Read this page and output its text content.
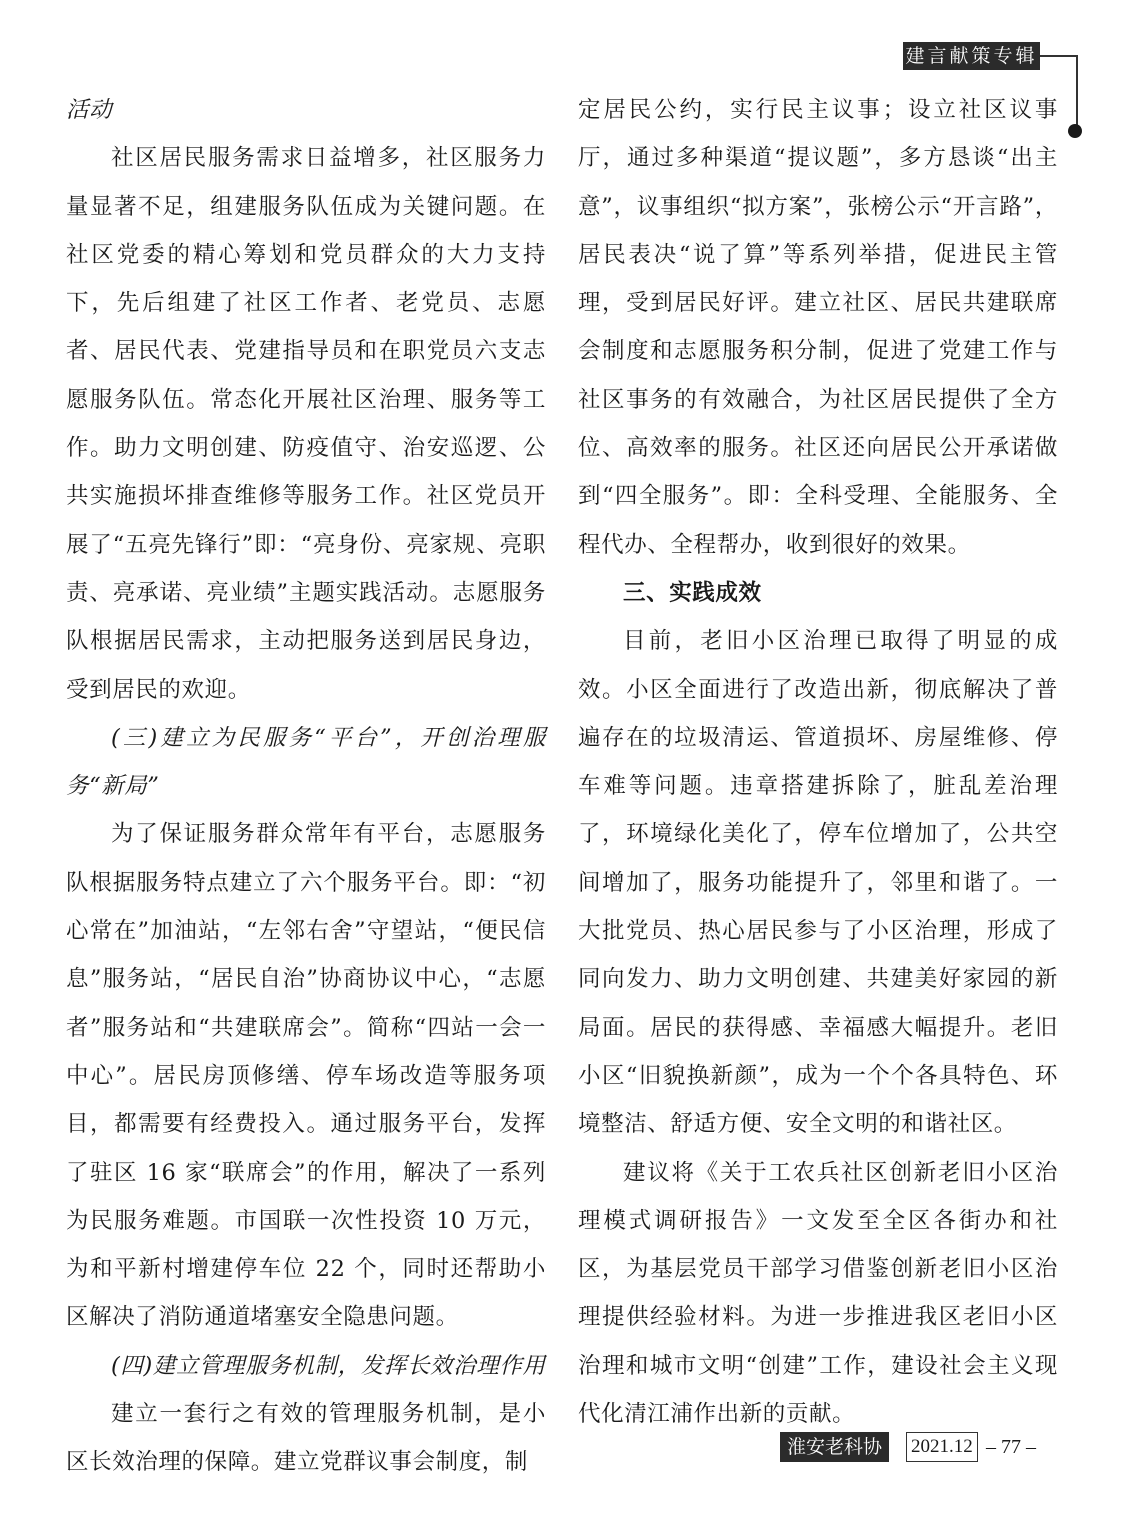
建言献策专辑

活动

社区居民服务需求日益增多，社区服务力量显著不足，组建服务队伍成为关键问题。在社区党委的精心筹划和党员群众的大力支持下，先后组建了社区工作者、老党员、志愿者、居民代表、党建指导员和在职党员六支志愿服务队伍。常态化开展社区治理、服务等工作。助力文明创建、防疫值守、治安巡逻、公共实施损坏排查维修等服务工作。社区党员开展了“五亮先锋行”即：“亮身份、亮家规、亮职责、亮承诺、亮业绩”主题实践活动。志愿服务队根据居民需求，主动把服务送到居民身边，受到居民的欢迎。

(三)建立为民服务“平台”，开创治理服务“新局”

为了保证服务群众常年有平台，志愿服务队根据服务特点建立了六个服务平台。即：“初心常在”加油站，“左邻右舍”守望站，“便民信息”服务站，“居民自治”协商协议中心，“志愿者”服务站和“共建联席会”。简称“四站一会一中心”。居民房顶修缮、停车场改造等服务项目，都需要有经费投入。通过服务平台，发挥了驻区 16 家“联席会”的作用，解决了一系列为民服务难题。市国联一次性投资 10 万元，为和平新村增建停车位 22 个，同时还帮助小区解决了消防通道堵塞安全隐患问题。

(四)建立管理服务机制，发挥长效治理作用

建立一套行之有效的管理服务机制，是小区长效治理的保障。建立党群议事会制度，制

定居民公约，实行民主议事；设立社区议事厅，通过多种渠道“提议题”，多方恳谈“出主意”，议事组织“拟方案”，张榜公示“开言路”，居民表决“说了算”等系列举措，促进民主管理，受到居民好评。建立社区、居民共建联席会制度和志愿服务积分制，促进了党建工作与社区事务的有效融合，为社区居民提供了全方位、高效率的服务。社区还向居民公开承诺做到“四全服务”。即：全科受理、全能服务、全程代办、全程帮办，收到很好的效果。

三、实践成效

目前，老旧小区治理已取得了明显的成效。小区全面进行了改造出新，彻底解决了普遍存在的垃圾清运、管道损坏、房屋维修、停车难等问题。违章搭建拆除了，脏乱差治理了，环境绿化美化了，停车位增加了，公共空间增加了，服务功能提升了，邻里和谐了。一大批党员、热心居民参与了小区治理，形成了同向发力、助力文明创建、共建美好家园的新局面。居民的获得感、幸福感大幅提升。老旧小区“旧貌换新颜”，成为一个个各具特色、环境整洁、舒适方便、安全文明的和谐社区。

建议将《关于工农兵社区创新老旧小区治理模式调研报告》一文发至全区各街办和社区，为基层党员干部学习借鉴创新老旧小区治理提供经验材料。为进一步推进我区老旧小区治理和城市文明“创建”工作，建设社会主义现代化清江浦作出新的贡献。

淮安老科协	2021.12 – 77 –
